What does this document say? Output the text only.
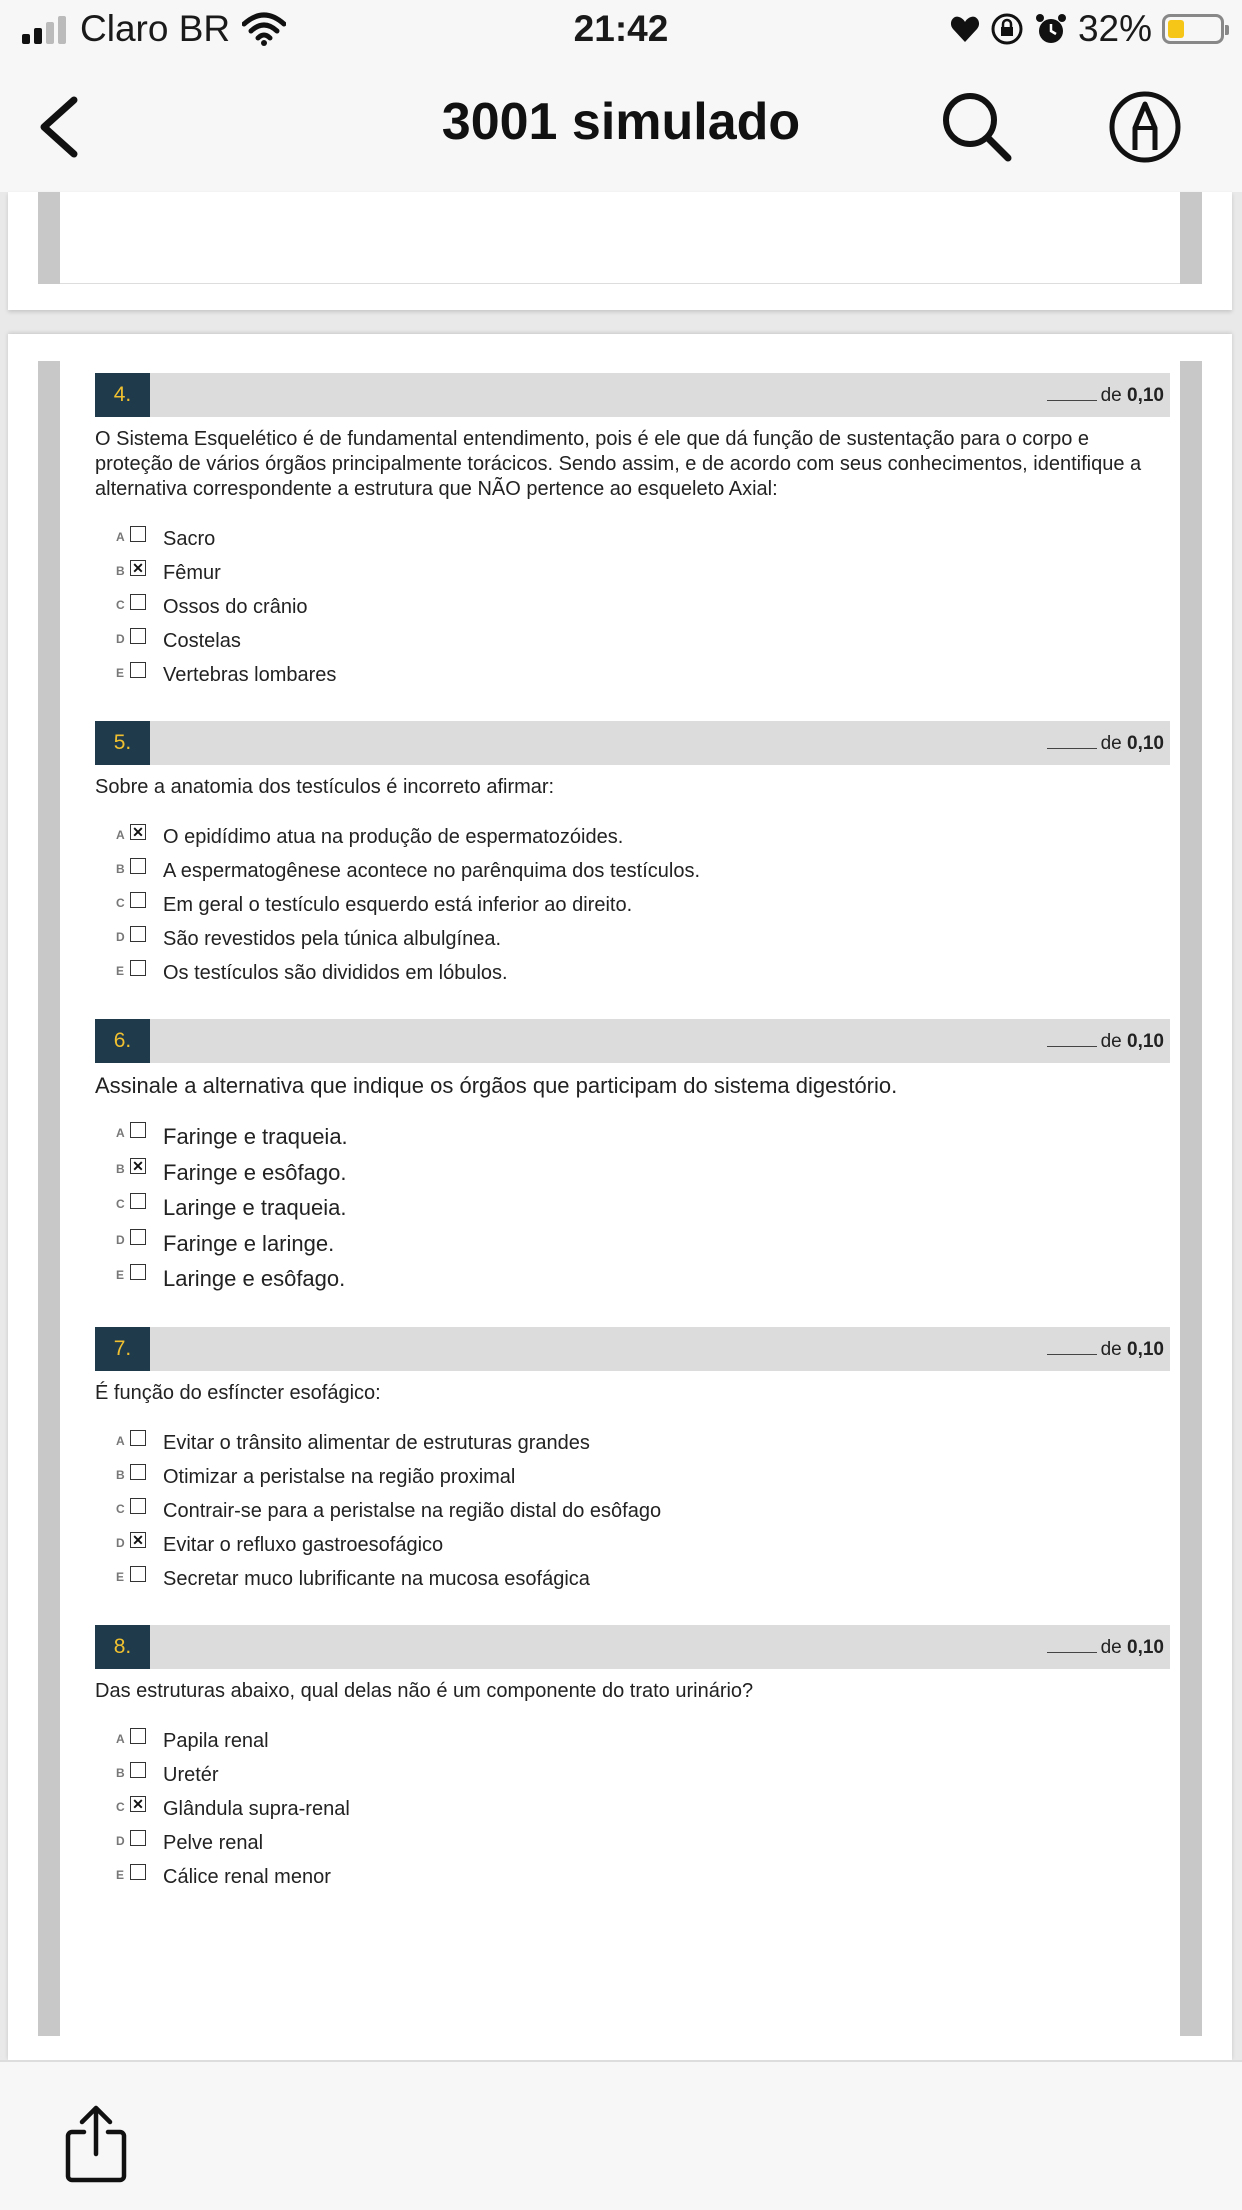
Claro BR	21:42	32%
3001 simulado
4.	de 0,10
O Sistema Esquelético é de fundamental entendimento, pois é ele que dá função de sustentação para o corpo e proteção de vários órgãos principalmente torácicos. Sendo assim, e de acordo com seus conhecimentos, identifique a alternativa correspondente a estrutura que NÃO pertence ao esqueleto Axial:
A Sacro
B ✕ Fêmur
C Ossos do crânio
D Costelas
E Vertebras lombares
5.	de 0,10
Sobre a anatomia dos testículos é incorreto afirmar:
A ✕ O epidídimo atua na produção de espermatozóides.
B A espermatogênese acontece no parênquima dos testículos.
C Em geral o testículo esquerdo está inferior ao direito.
D São revestidos pela túnica albulgínea.
E Os testículos são divididos em lóbulos.
6.	de 0,10
Assinale a alternativa que indique os órgãos que participam do sistema digestório.
A Faringe e traqueia.
B ✕ Faringe e esôfago.
C Laringe e traqueia.
D Faringe e laringe.
E Laringe e esôfago.
7.	de 0,10
É função do esfíncter esofágico:
A Evitar o trânsito alimentar de estruturas grandes
B Otimizar a peristalse na região proximal
C Contrair-se para a peristalse na região distal do esôfago
D ✕ Evitar o refluxo gastroesofágico
E Secretar muco lubrificante na mucosa esofágica
8.	de 0,10
Das estruturas abaixo, qual delas não é um componente do trato urinário?
A Papila renal
B Uretér
C ✕ Glândula supra-renal
D Pelve renal
E Cálice renal menor
